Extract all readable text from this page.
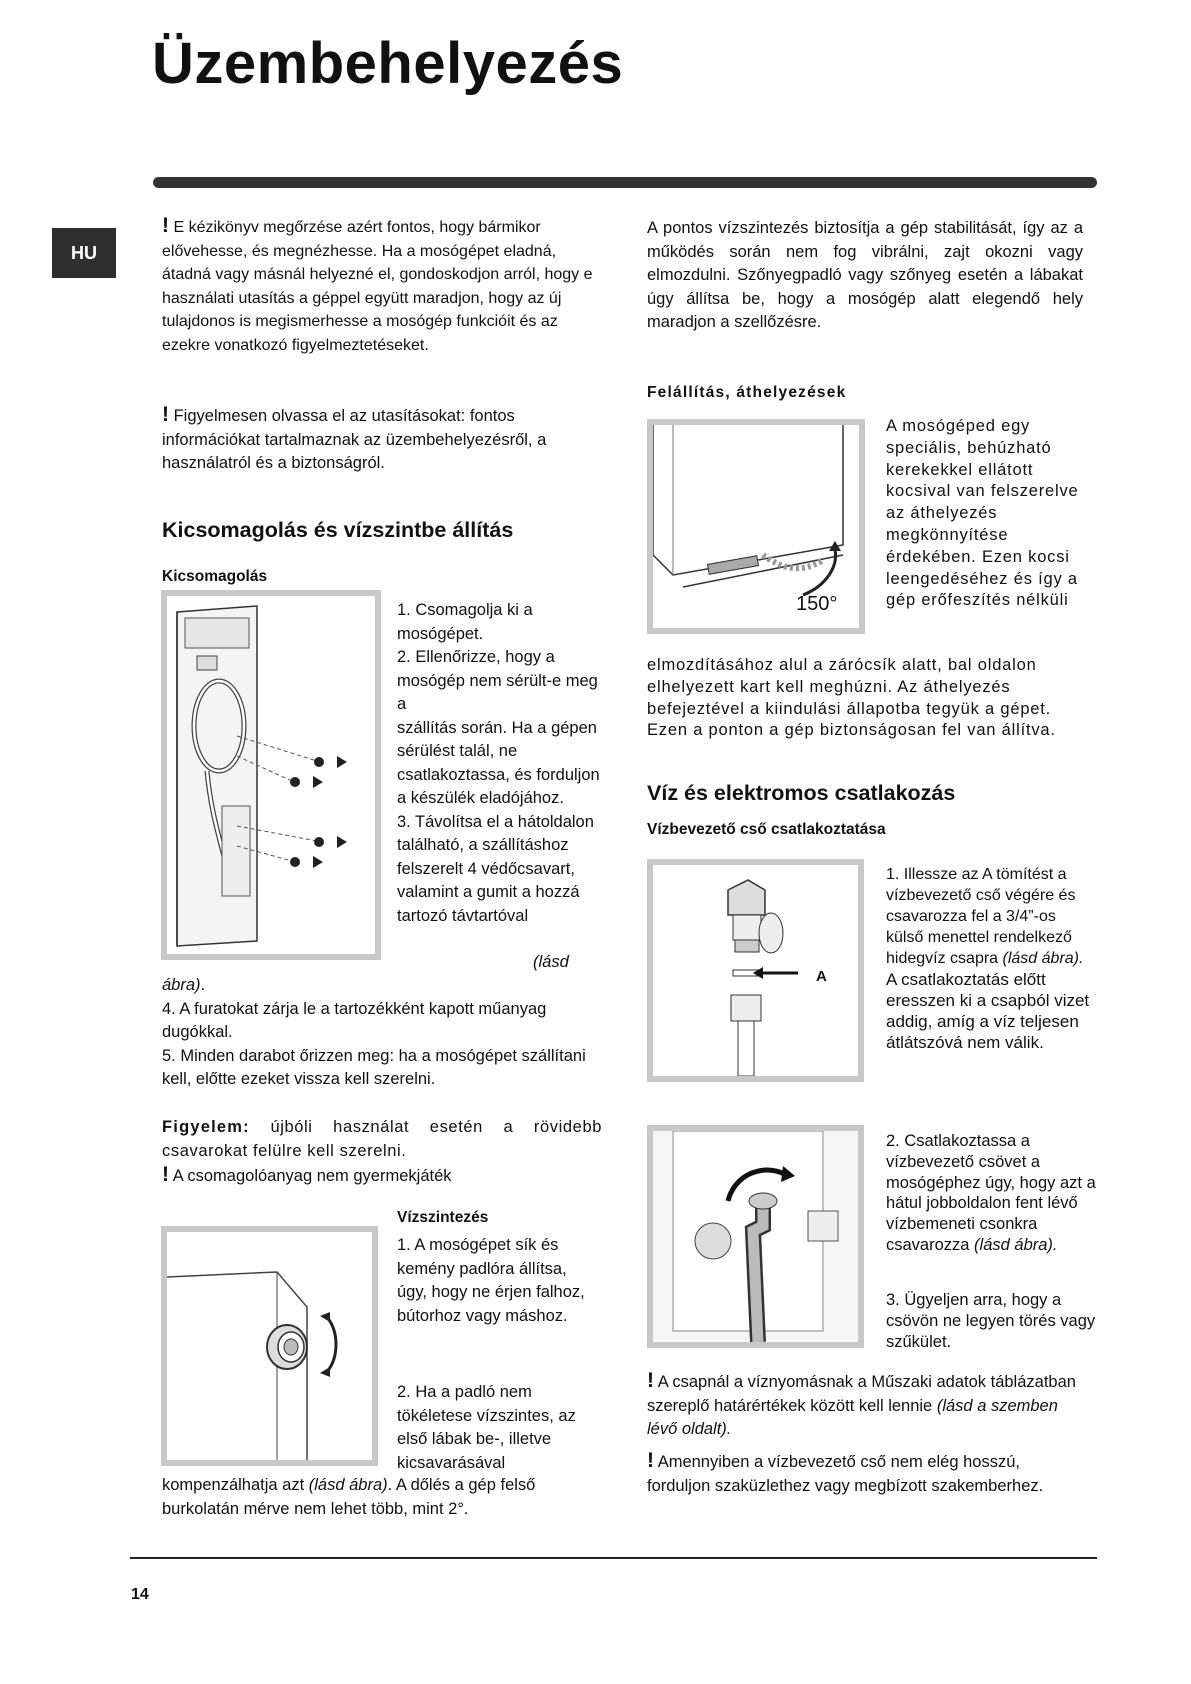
Üzembehelyezés
HU

! E kézikönyv megőrzése azért fontos, hogy bármikor elővehesse, és megnézhesse. Ha a mosógépet eladná, átadná vagy másnál helyezné el, gondoskodjon arról, hogy e használati utasítás a géppel együtt maradjon, hogy az új tulajdonos is megismerhesse a mosógép funkcióit és az ezekre vonatkozó figyelmeztetéseket.

! Figyelmesen olvassa el az utasításokat: fontos információkat tartalmaznak az üzembehelyezésről, a használatról és a biztonságról.

Kicsomagolás és vízszintbe állítás
Kicsomagolás
1. Csomagolja ki a mosógépet.
2. Ellenőrizze, hogy a mosógép nem sérült-e meg a
szállítás során. Ha a gépen sérülést talál, ne csatlakoztassa, és forduljon a készülék eladójához.
3. Távolítsa el a hátoldalon található, a szállításhoz felszerelt 4 védőcsavart, valamint a gumit a hozzá tartozó távtartóval
(lásd

ábra).

4. A furatokat zárja le a tartozékként kapott műanyag dugókkal.

5. Minden darabot őrizzen meg: ha a mosógépet szállítani kell, előtte ezeket vissza kell szerelni.

Figyelem: újbóli használat esetén a rövidebb csavarokat felülre kell szerelni.

! A csomagolóanyag nem gyermekjáték

Vízszintezés
1. A mosógépet sík és kemény padlóra állítsa, úgy, hogy ne érjen falhoz, bútorhoz vagy máshoz.
2. Ha a padló nem tökéletese vízszintes, az első lábak be-, illetve kicsavarásával
kompenzálhatja azt (lásd ábra). A dőlés a gép felső burkolatán mérve nem lehet több, mint 2°.
A pontos vízszintezés biztosítja a gép stabilitását, így az a működés során nem fog vibrálni, zajt okozni vagy elmozdulni. Szőnyegpadló vagy szőnyeg esetén a lábakat úgy állítsa be, hogy a mosógép alatt elegendő hely maradjon a szellőzésre.
Felállítás, áthelyezések
150°
A mosógéped egy speciális, behúzható kerekekkel ellátott kocsival van felszerelve az áthelyezés megkönnyítése érdekében. Ezen kocsi leengedéséhez és így a gép erőfeszítés nélküli
elmozdításához alul a zárócsík alatt, bal oldalon elhelyezett kart kell meghúzni. Az áthelyezés befejeztével a kiindulási állapotba tegyük a gépet. Ezen a ponton a gép biztonságosan fel van állítva.
Víz és elektromos csatlakozás
Vízbevezető cső csatlakoztatása
A
1. Illessze az A tömítést a vízbevezető cső végére és csavarozza fel a 3/4”-os külső menettel rendelkező hidegvíz csapra (lásd ábra).

A csatlakoztatás előtt eresszen ki a csapból vizet addig, amíg a víz teljesen átlátszóvá nem válik.

2. Csatlakoztassa a vízbevezető csövet a mosógéphez úgy, hogy azt a hátul jobboldalon fent lévő vízbemeneti csonkra csavarozza (lásd ábra).
3. Ügyeljen arra, hogy a csövön ne legyen törés vagy szűkület.
! A csapnál a víznyomásnak a Műszaki adatok táblázatban szereplő határértékek között kell lennie (lásd a szemben lévő oldalt).
! Amennyiben a vízbevezető cső nem elég hosszú, forduljon szaküzlethez vagy megbízott szakemberhez.
14
